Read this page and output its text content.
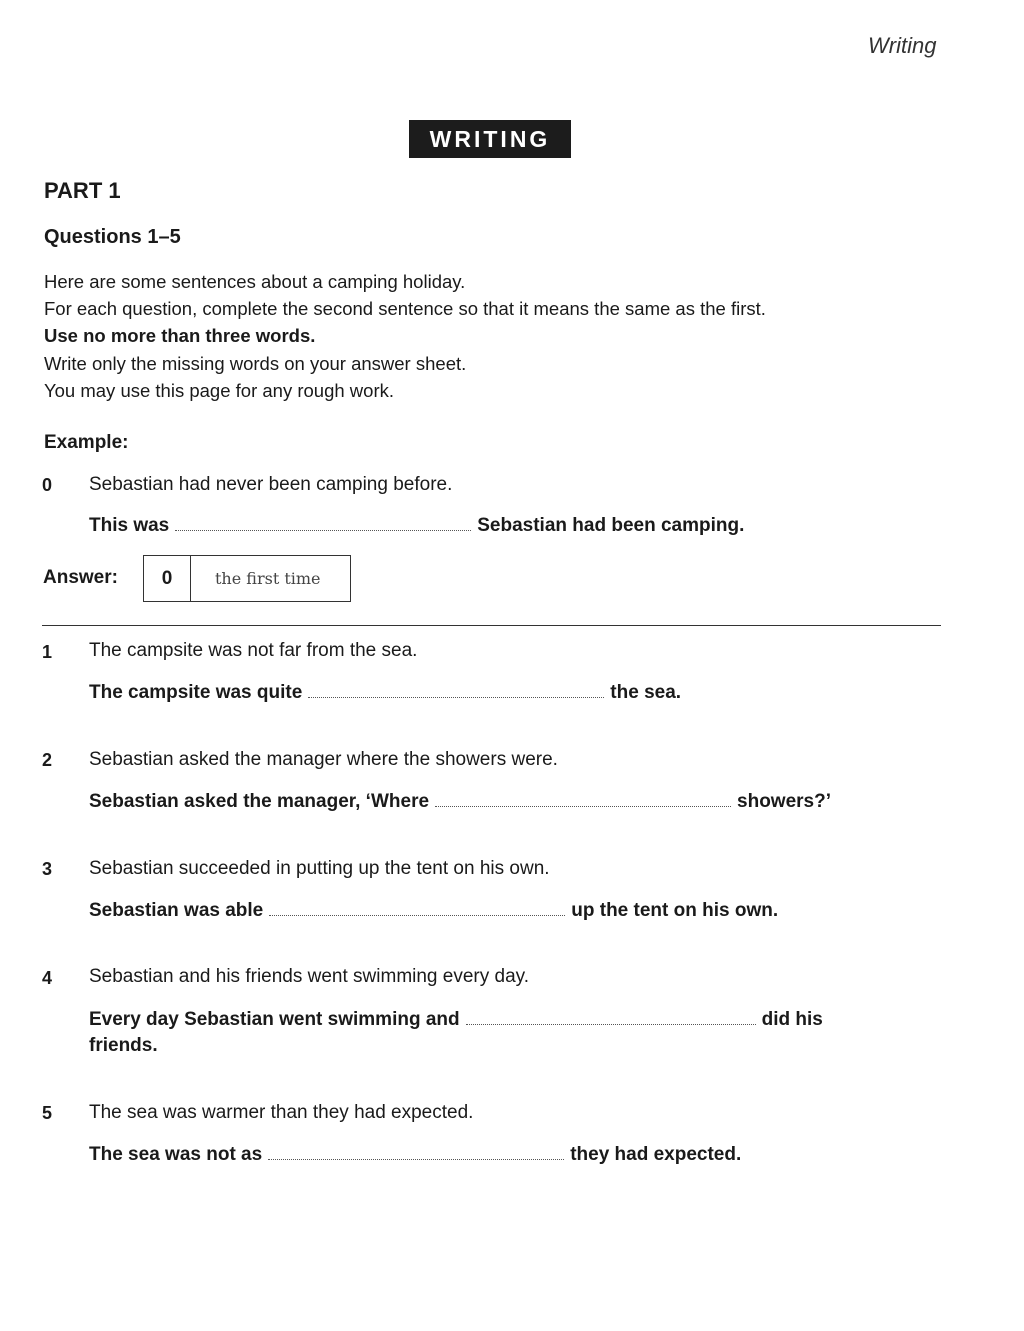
Writing
WRITING
PART 1
Questions 1–5
Here are some sentences about a camping holiday.
For each question, complete the second sentence so that it means the same as the first.
Use no more than three words.
Write only the missing words on your answer sheet.
You may use this page for any rough work.
Example:
0	Sebastian had never been camping before.
This was	Sebastian had been camping.
Answer:	0	the first time
1	The campsite was not far from the sea.
The campsite was quite	the sea.
2	Sebastian asked the manager where the showers were.
Sebastian asked the manager, ‘Where	showers?’
3	Sebastian succeeded in putting up the tent on his own.
Sebastian was able	up the tent on his own.
4	Sebastian and his friends went swimming every day.
Every day Sebastian went swimming and	did his
friends.
5	The sea was warmer than they had expected.
The sea was not as	they had expected.
